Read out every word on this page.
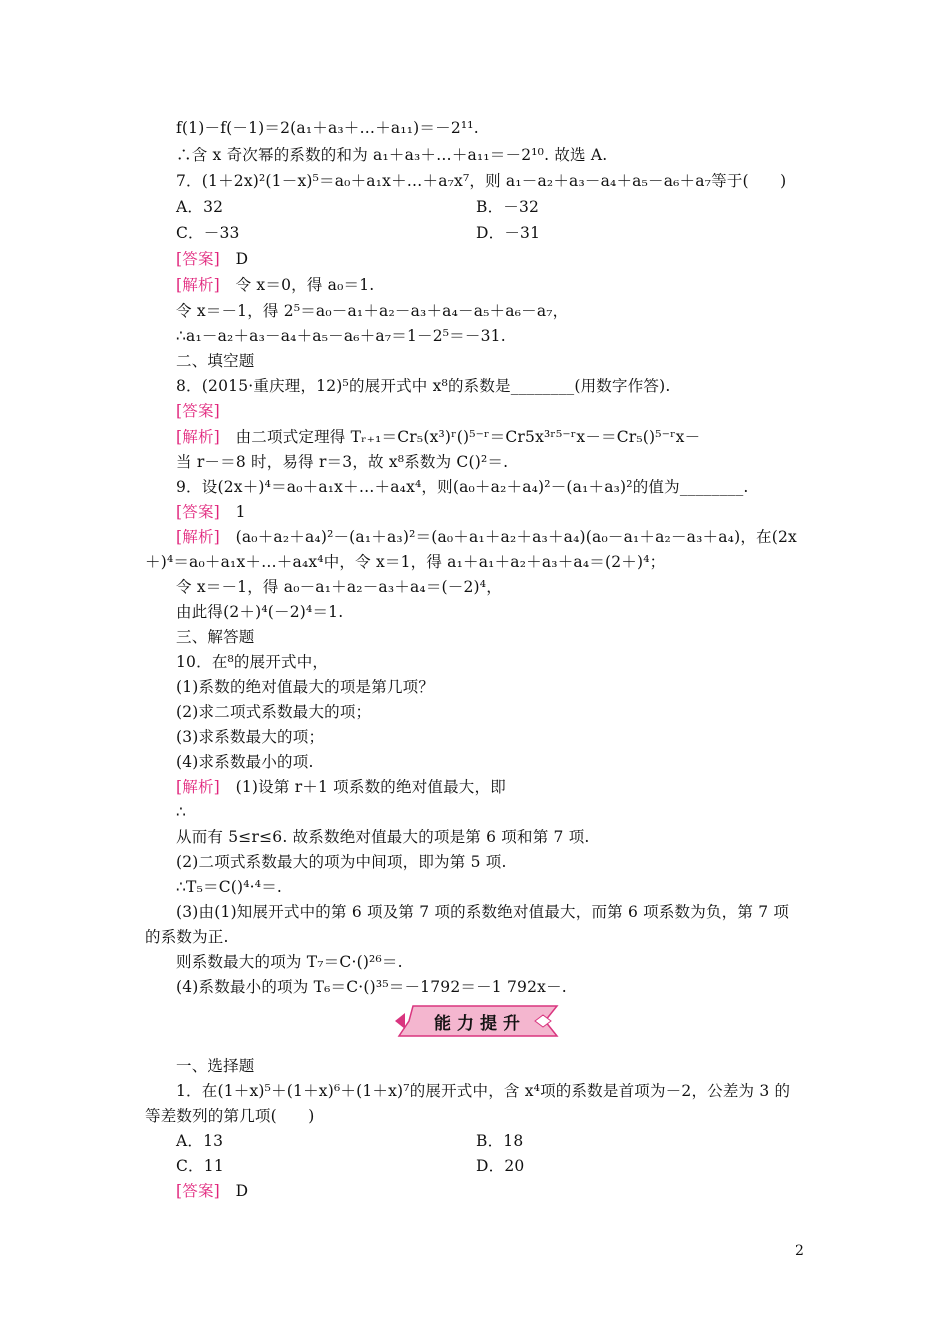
f(1)－f(－1)＝2(a₁＋a₃＋…＋a₁₁)＝－2¹¹.
∴含 x 奇次幂的系数的和为 a₁＋a₃＋…＋a₁₁＝－2¹⁰. 故选 A.
7．(1＋2x)²(1－x)⁵＝a₀＋a₁x＋…＋a₇x⁷，则 a₁－a₂＋a₃－a₄＋a₅－a₆＋a₇等于(　　)
A．32	B．－32
C．－33	D．－31
[答案]　D
[解析]　令 x＝0，得 a₀＝1.
令 x＝－1，得 2⁵＝a₀－a₁＋a₂－a₃＋a₄－a₅＋a₆－a₇，
∴a₁－a₂＋a₃－a₄＋a₅－a₆＋a₇＝1－2⁵＝－31.
二、填空题
8．(2015·重庆理，12)⁵的展开式中 x⁸的系数是________(用数字作答).
[答案]
[解析]　由二项式定理得 Tᵣ₊₁＝Cr₅(x³)ʳ()⁵⁻ʳ＝Cr5x³ʳ⁵⁻ʳx－＝Cr₅()⁵⁻ʳx－
当 r－＝8 时，易得 r＝3，故 x⁸系数为 C()²＝.
9．设(2x＋)⁴＝a₀＋a₁x＋…＋a₄x⁴，则(a₀＋a₂＋a₄)²－(a₁＋a₃)²的值为________.
[答案]　1
[解析]　(a₀＋a₂＋a₄)²－(a₁＋a₃)²＝(a₀＋a₁＋a₂＋a₃＋a₄)(a₀－a₁＋a₂－a₃＋a₄)，在(2x
＋)⁴＝a₀＋a₁x＋…＋a₄x⁴中，令 x＝1，得 a₁＋a₁＋a₂＋a₃＋a₄＝(2＋)⁴；
令 x＝－1，得 a₀－a₁＋a₂－a₃＋a₄＝(－2)⁴，
由此得(2＋)⁴(－2)⁴＝1.
三、解答题
10．在⁸的展开式中，
(1)系数的绝对值最大的项是第几项？
(2)求二项式系数最大的项；
(3)求系数最大的项；
(4)求系数最小的项.
[解析]　(1)设第 r＋1 项系数的绝对值最大，即
∴
从而有 5≤r≤6. 故系数绝对值最大的项是第 6 项和第 7 项.
(2)二项式系数最大的项为中间项，即为第 5 项.
∴T₅＝C()⁴·⁴＝.
(3)由(1)知展开式中的第 6 项及第 7 项的系数绝对值最大，而第 6 项系数为负，第 7 项
的系数为正.
则系数最大的项为 T₇＝C·()²⁶＝.
(4)系数最小的项为 T₆＝C·()³⁵＝－1792＝－1 792x－.
能力提升
一、选择题
1．在(1＋x)⁵＋(1＋x)⁶＋(1＋x)⁷的展开式中，含 x⁴项的系数是首项为－2，公差为 3 的
等差数列的第几项(　　)
A．13	B．18
C．11	D．20
[答案]　D
2
